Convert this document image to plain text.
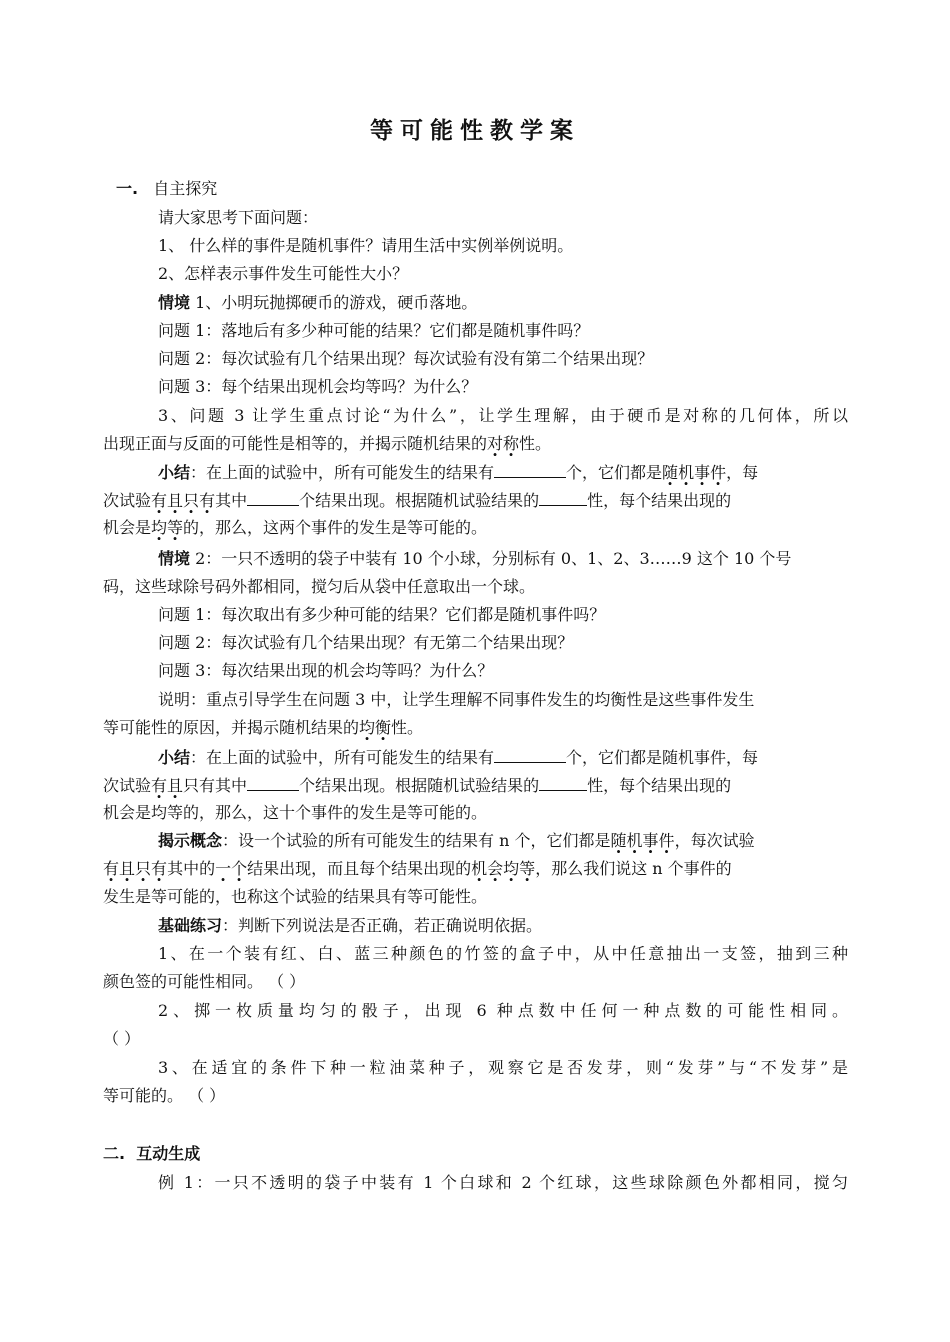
等可能性教学案
一. 自主探究
请大家思考下面问题：
1、 什么样的事件是随机事件？请用生活中实例举例说明。
2、怎样表示事件发生可能性大小？
情境 1、小明玩抛掷硬币的游戏，硬币落地。
问题 1：落地后有多少种可能的结果？它们都是随机事件吗？
问题 2：每次试验有几个结果出现？每次试验有没有第二个结果出现？
问题 3：每个结果出现机会均等吗？为什么？
3、问题 3 让学生重点讨论“为什么”，让学生理解，由于硬币是对称的几何体，所以
出现正面与反面的可能性是相等的，并揭示随机结果的对称性。
小结：在上面的试验中，所有可能发生的结果有	个，它们都是随机事件，每
次试验有且只有其中	个结果出现。根据随机试验结果的	性，每个结果出现的
机会是均等的，那么，这两个事件的发生是等可能的。
情境 2：一只不透明的袋子中装有 10 个小球，分别标有 0、1、2、3……9 这个 10 个号
码，这些球除号码外都相同，搅匀后从袋中任意取出一个球。
问题 1：每次取出有多少种可能的结果？它们都是随机事件吗？
问题 2：每次试验有几个结果出现？有无第二个结果出现？
问题 3：每次结果出现的机会均等吗？为什么？
说明：重点引导学生在问题 3 中，让学生理解不同事件发生的均衡性是这些事件发生
等可能性的原因，并揭示随机结果的均衡性。
小结：在上面的试验中，所有可能发生的结果有	个，它们都是随机事件，每
次试验有且只有其中	个结果出现。根据随机试验结果的	性，每个结果出现的
机会是均等的，那么，这十个事件的发生是等可能的。
揭示概念：设一个试验的所有可能发生的结果有 n 个，它们都是随机事件，每次试验
有且只有其中的一个结果出现，而且每个结果出现的机会均等，那么我们说这 n 个事件的
发生是等可能的，也称这个试验的结果具有等可能性。
基础练习：判断下列说法是否正确，若正确说明依据。
1、在一个装有红、白、蓝三种颜色的竹签的盒子中，从中任意抽出一支签，抽到三种
颜色签的可能性相同。 （ ）
2、掷一枚质量均匀的骰子，出现 6 种点数中任何一种点数的可能性相同。
（ ）
3、在适宜的条件下种一粒油菜种子，观察它是否发芽，则“发芽”与“不发芽”是
等可能的。 （ ）
二. 互动生成
例 1：一只不透明的袋子中装有 1 个白球和 2 个红球，这些球除颜色外都相同，搅匀
